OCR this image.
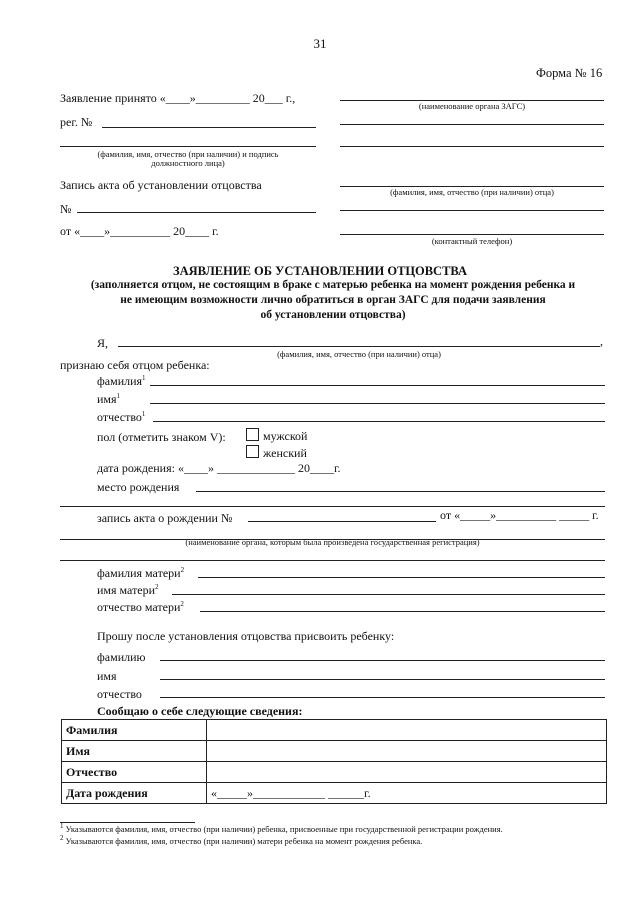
31
Форма № 16
Заявление принято «____»_________ 20___ г.,
рег. №
(фамилия, имя, отчество (при наличии) и подпись
должностного лица)
Запись акта об установлении отцовства
№
от «____»__________ 20____ г.
(наименование органа ЗАГС)
(фамилия, имя, отчество (при наличии) отца)
(контактный телефон)
ЗАЯВЛЕНИЕ ОБ УСТАНОВЛЕНИИ ОТЦОВСТВА
(заполняется отцом, не состоящим в браке с матерью ребенка на момент рождения ребенка и
не имеющим возможности лично обратиться в орган ЗАГС для подачи заявления
об установлении отцовства)
Я,	,
(фамилия, имя, отчество (при наличии) отца)
признаю себя отцом ребенка:
фамилия$^1$
имя$^1$
отчество$^1$
пол (отметить знаком V):	мужской
женский
дата рождения: «____» _____________ 20____г.
место рождения
запись акта о рождении №	от «_____»__________ _____ г.
(наименование органа, которым была произведена государственная регистрация)
фамилия матери$^2$
имя матери$^2$
отчество матери$^2$
Прошу после установления отцовства присвоить ребенку:
фамилию
имя
отчество
Сообщаю о себе следующие сведения:
Фамилия	
Имя	
Отчество	
Дата рождения	«_____»____________ ______г.
$^1$ Указываются фамилия, имя, отчество (при наличии) ребенка, присвоенные при государственной регистрации рождения.
$^2$ Указываются фамилия, имя, отчество (при наличии) матери ребенка на момент рождения ребенка.
